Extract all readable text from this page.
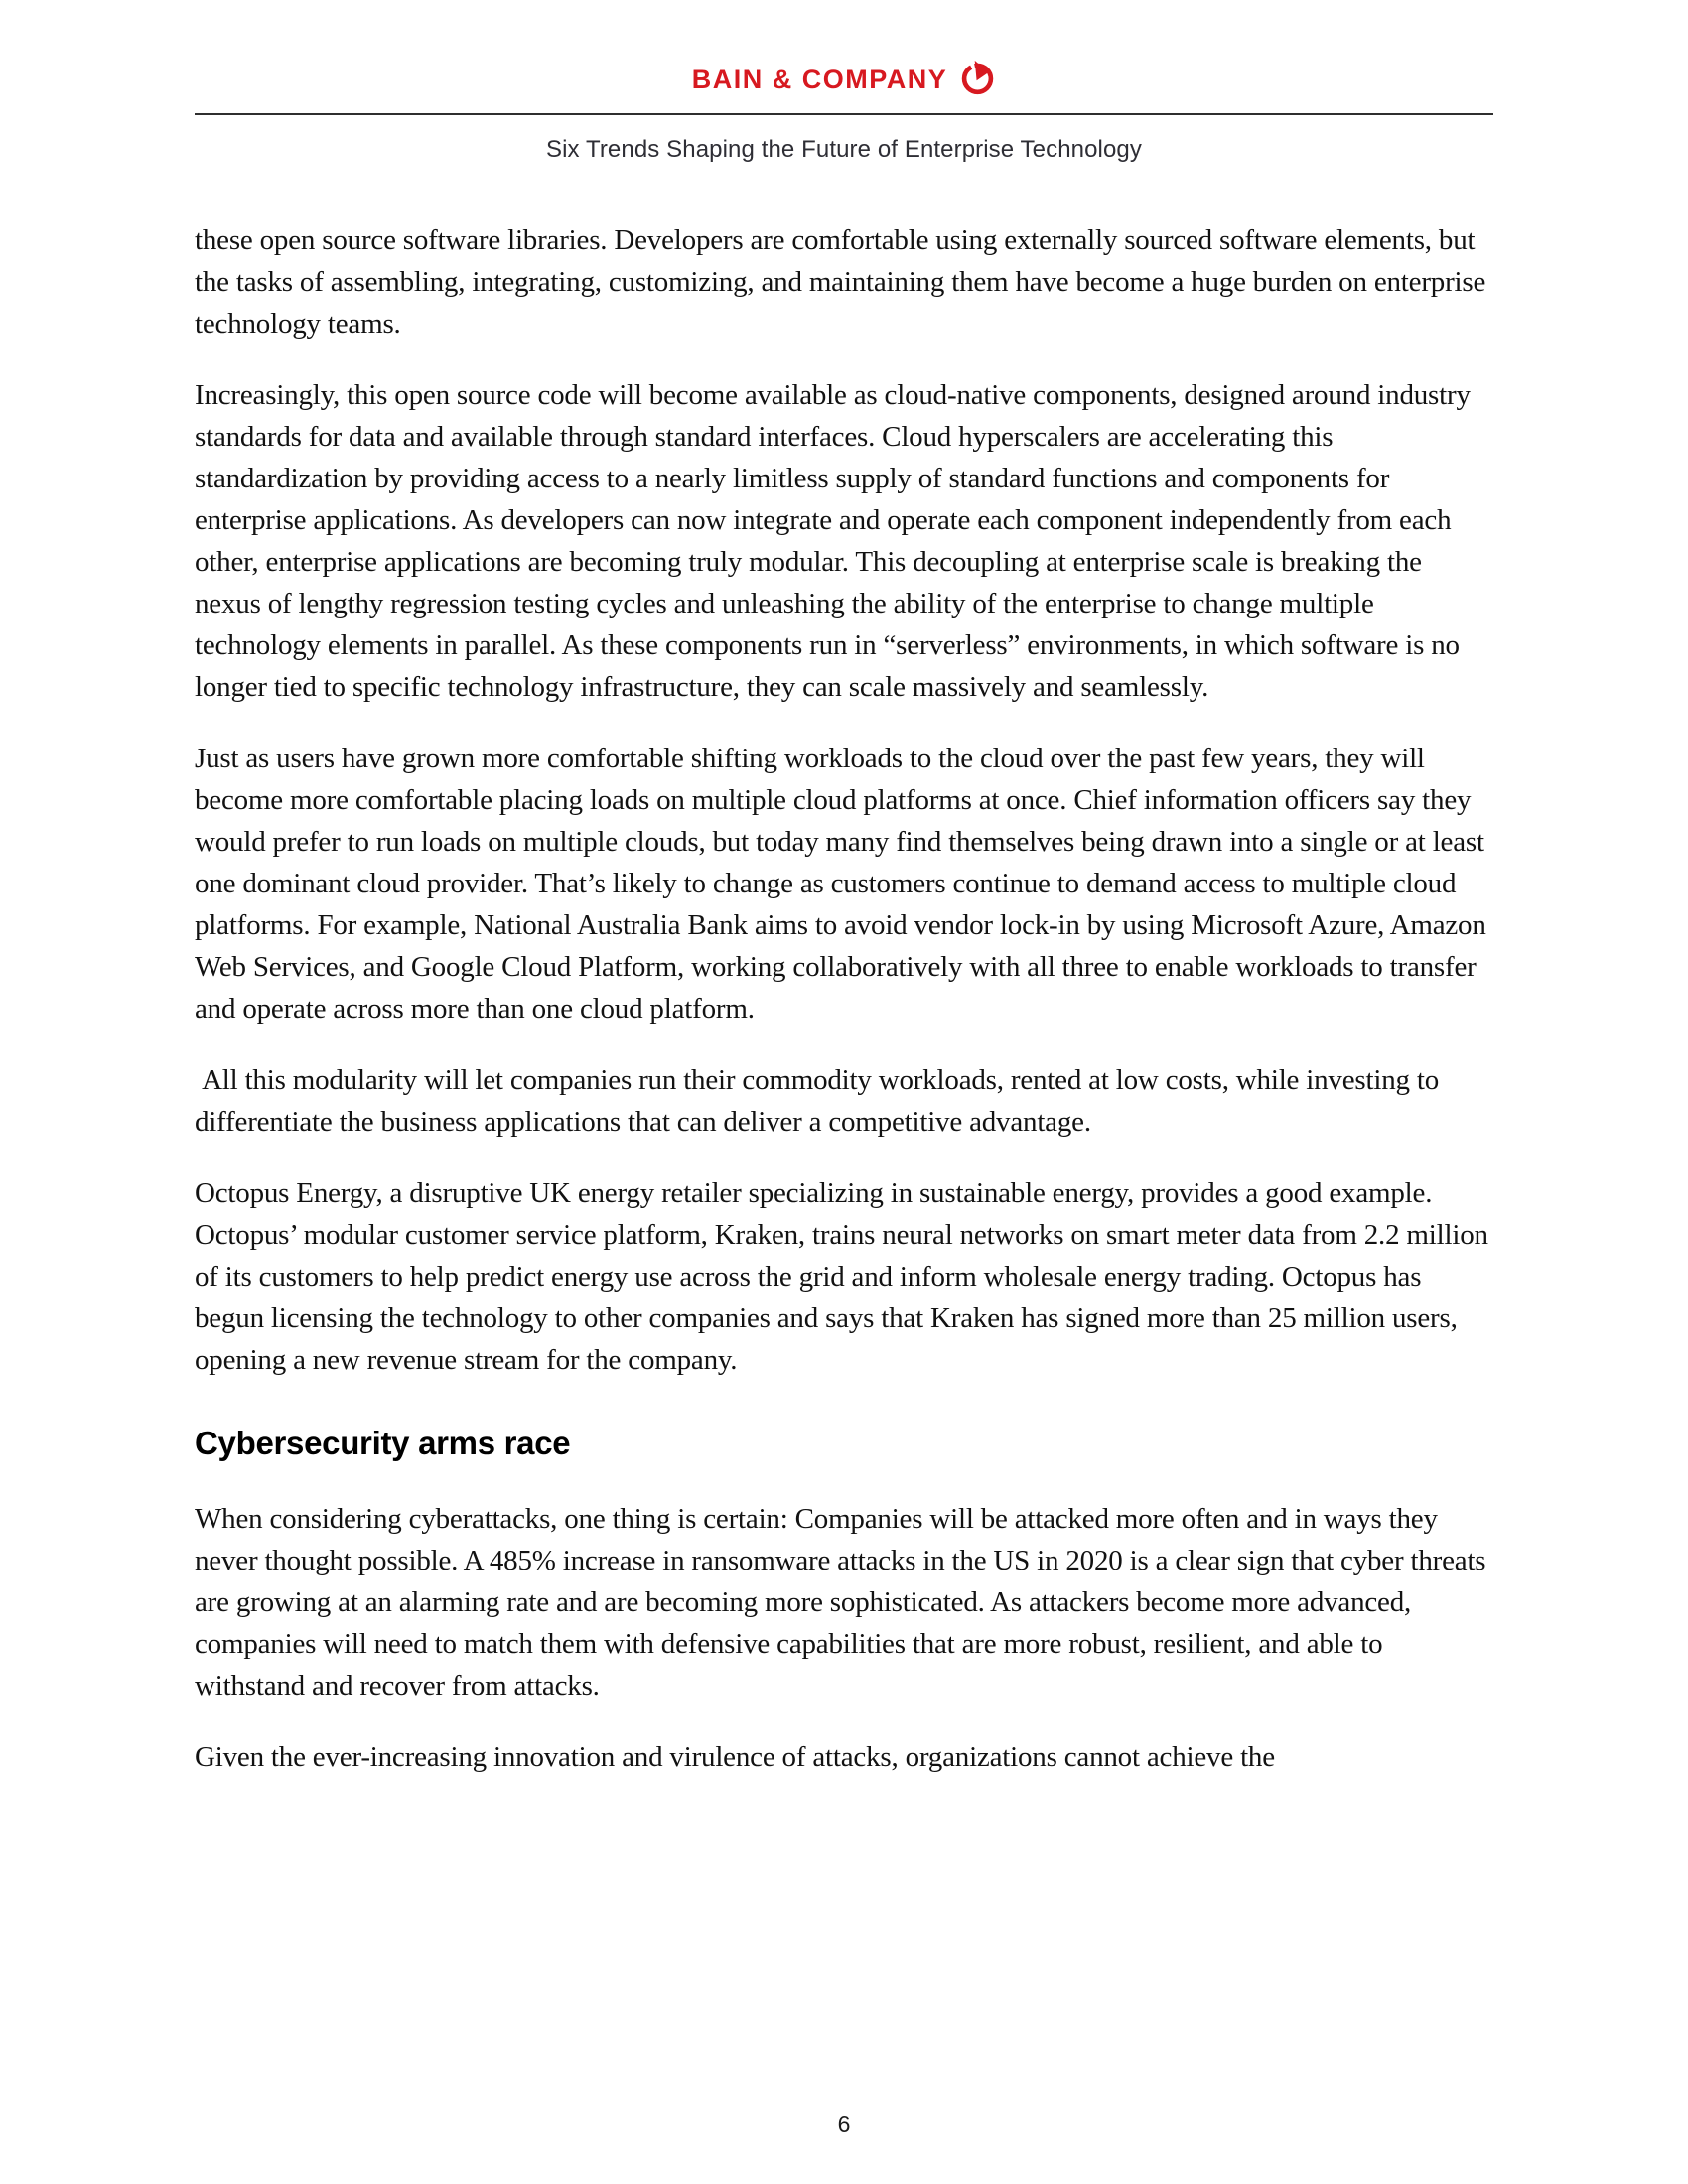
BAIN & COMPANY
Six Trends Shaping the Future of Enterprise Technology

these open source software libraries. Developers are comfortable using externally sourced software elements, but the tasks of assembling, integrating, customizing, and maintaining them have become a huge burden on enterprise technology teams.

Increasingly, this open source code will become available as cloud-native components, designed around industry standards for data and available through standard interfaces. Cloud hyperscalers are accelerating this standardization by providing access to a nearly limitless supply of standard functions and components for enterprise applications. As developers can now integrate and operate each component independently from each other, enterprise applications are becoming truly modular. This decoupling at enterprise scale is breaking the nexus of lengthy regression testing cycles and unleashing the ability of the enterprise to change multiple technology elements in parallel. As these components run in “serverless” environments, in which software is no longer tied to specific technology infrastructure, they can scale massively and seamlessly.

Just as users have grown more comfortable shifting workloads to the cloud over the past few years, they will become more comfortable placing loads on multiple cloud platforms at once. Chief information officers say they would prefer to run loads on multiple clouds, but today many find themselves being drawn into a single or at least one dominant cloud provider. That’s likely to change as customers continue to demand access to multiple cloud platforms. For example, National Australia Bank aims to avoid vendor lock-in by using Microsoft Azure, Amazon Web Services, and Google Cloud Platform, working collaboratively with all three to enable workloads to transfer and operate across more than one cloud platform.

All this modularity will let companies run their commodity workloads, rented at low costs, while investing to differentiate the business applications that can deliver a competitive advantage.

Octopus Energy, a disruptive UK energy retailer specializing in sustainable energy, provides a good example. Octopus’ modular customer service platform, Kraken, trains neural networks on smart meter data from 2.2 million of its customers to help predict energy use across the grid and inform wholesale energy trading. Octopus has begun licensing the technology to other companies and says that Kraken has signed more than 25 million users, opening a new revenue stream for the company.

Cybersecurity arms race

When considering cyberattacks, one thing is certain: Companies will be attacked more often and in ways they never thought possible. A 485% increase in ransomware attacks in the US in 2020 is a clear sign that cyber threats are growing at an alarming rate and are becoming more sophisticated. As attackers become more advanced, companies will need to match them with defensive capabilities that are more robust, resilient, and able to withstand and recover from attacks.

Given the ever-increasing innovation and virulence of attacks, organizations cannot achieve the

6
